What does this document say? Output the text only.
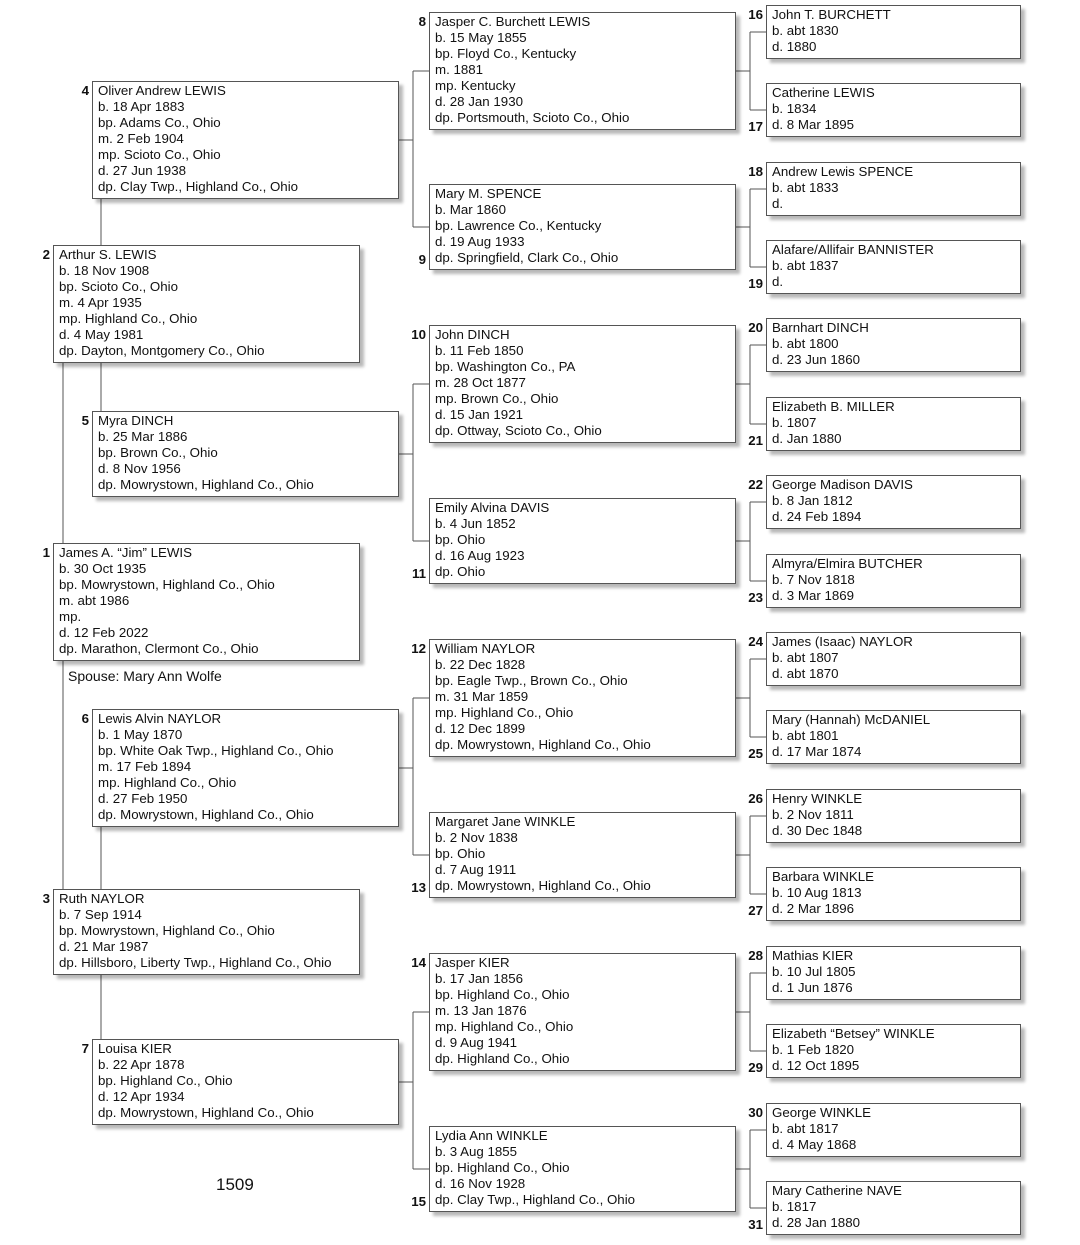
Spouse: Mary Ann Wolfe
1509
James A. “Jim” LEWIS
b. 30 Oct 1935
bp. Mowrystown, Highland Co., Ohio
m. abt 1986
mp.
d. 12 Feb 2022
dp. Marathon, Clermont Co., Ohio
1
Arthur S. LEWIS
b. 18 Nov 1908
bp. Scioto Co., Ohio
m. 4 Apr 1935
mp. Highland Co., Ohio
d. 4 May 1981
dp. Dayton, Montgomery Co., Ohio
2
Ruth NAYLOR
b. 7 Sep 1914
bp. Mowrystown, Highland Co., Ohio
d. 21 Mar 1987
dp. Hillsboro, Liberty Twp., Highland Co., Ohio
3
Oliver Andrew LEWIS
b. 18 Apr 1883
bp. Adams Co., Ohio
m. 2 Feb 1904
mp. Scioto Co., Ohio
d. 27 Jun 1938
dp. Clay Twp., Highland Co., Ohio
4
Myra DINCH
b. 25 Mar 1886
bp. Brown Co., Ohio
d. 8 Nov 1956
dp. Mowrystown, Highland Co., Ohio
5
Lewis Alvin NAYLOR
b. 1 May 1870
bp. White Oak Twp., Highland Co., Ohio
m. 17 Feb 1894
mp. Highland Co., Ohio
d. 27 Feb 1950
dp. Mowrystown, Highland Co., Ohio
6
Louisa KIER
b. 22 Apr 1878
bp. Highland Co., Ohio
d. 12 Apr 1934
dp. Mowrystown, Highland Co., Ohio
7
Jasper C. Burchett LEWIS
b. 15 May 1855
bp. Floyd Co., Kentucky
m. 1881
mp. Kentucky
d. 28 Jan 1930
dp. Portsmouth, Scioto Co., Ohio
8
Mary M. SPENCE
b. Mar 1860
bp. Lawrence Co., Kentucky
d. 19 Aug 1933
dp. Springfield, Clark Co., Ohio
9
John DINCH
b. 11 Feb 1850
bp. Washington Co., PA
m. 28 Oct 1877
mp. Brown Co., Ohio
d. 15 Jan 1921
dp. Ottway, Scioto Co., Ohio
10
Emily Alvina DAVIS
b. 4 Jun 1852
bp. Ohio
d. 16 Aug 1923
dp. Ohio
11
William NAYLOR
b. 22 Dec 1828
bp. Eagle Twp., Brown Co., Ohio
m. 31 Mar 1859
mp. Highland Co., Ohio
d. 12 Dec 1899
dp. Mowrystown, Highland Co., Ohio
12
Margaret Jane WINKLE
b. 2 Nov 1838
bp. Ohio
d. 7 Aug 1911
dp. Mowrystown, Highland Co., Ohio
13
Jasper KIER
b. 17 Jan 1856
bp. Highland Co., Ohio
m. 13 Jan 1876
mp. Highland Co., Ohio
d. 9 Aug 1941
dp. Highland Co., Ohio
14
Lydia Ann WINKLE
b. 3 Aug 1855
bp. Highland Co., Ohio
d. 16 Nov 1928
dp. Clay Twp., Highland Co., Ohio
15
John T. BURCHETT
b. abt 1830
d. 1880
16
Catherine LEWIS
b. 1834
d. 8 Mar 1895
17
Andrew Lewis SPENCE
b. abt 1833
d.
18
Alafare/Allifair BANNISTER
b. abt 1837
d.
19
Barnhart DINCH
b. abt 1800
d. 23 Jun 1860
20
Elizabeth B. MILLER
b. 1807
d. Jan 1880
21
George Madison DAVIS
b. 8 Jan 1812
d. 24 Feb 1894
22
Almyra/Elmira BUTCHER
b. 7 Nov 1818
d. 3 Mar 1869
23
James (Isaac) NAYLOR
b. abt 1807
d. abt 1870
24
Mary (Hannah) McDANIEL
b. abt 1801
d. 17 Mar 1874
25
Henry WINKLE
b. 2 Nov 1811
d. 30 Dec 1848
26
Barbara WINKLE
b. 10 Aug 1813
d. 2 Mar 1896
27
Mathias KIER
b. 10 Jul 1805
d. 1 Jun 1876
28
Elizabeth “Betsey” WINKLE
b. 1 Feb 1820
d. 12 Oct 1895
29
George WINKLE
b. abt 1817
d. 4 May 1868
30
Mary Catherine NAVE
b. 1817
d. 28 Jan 1880
31
